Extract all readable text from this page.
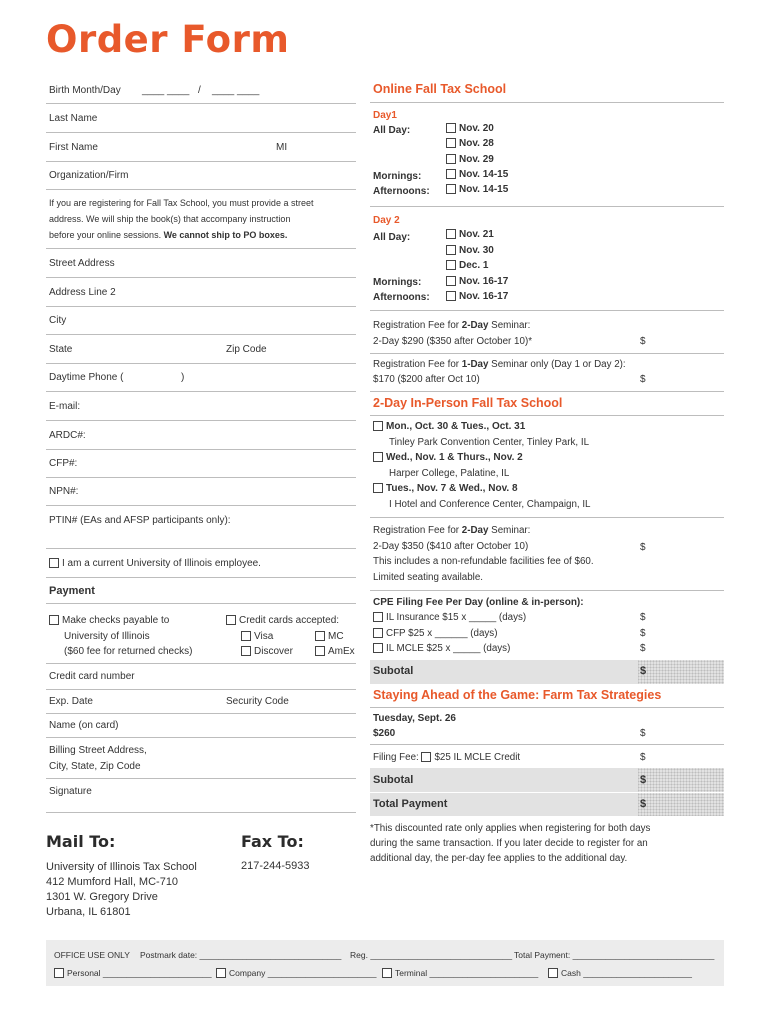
Order Form
Birth Month/Day ____ ____ / ____ ____
Last Name
First Name	MI
Organization/Firm
If you are registering for Fall Tax School, you must provide a street
address. We will ship the book(s) that accompany instruction
before your online sessions. We cannot ship to PO boxes.
Street Address
Address Line 2
City
State	Zip Code
Daytime Phone (	)
E-mail:
ARDC#:
CFP#:
NPN#:
PTIN# (EAs and AFSP participants only):
I am a current University of Illinois employee.
Payment
Make checks payable to
University of Illinois
($60 fee for returned checks)
Credit cards accepted:
Visa	MC
Discover	AmEx
Credit card number
Exp. Date	Security Code
Name (on card)
Billing Street Address,
City, State, Zip Code
Signature
Online Fall Tax School
Day1
All Day:	Nov. 20
Nov. 28
Nov. 29
Mornings:	Nov. 14-15
Afternoons:	Nov. 14-15
Day 2
All Day:	Nov. 21
Nov. 30
Dec. 1
Mornings:	Nov. 16-17
Afternoons:	Nov. 16-17
Registration Fee for 2-Day Seminar:
2-Day $290 ($350 after October 10)*	$
Registration Fee for 1-Day Seminar only (Day 1 or Day 2):
$170 ($200 after Oct 10)	$
2-Day In-Person Fall Tax School
Mon., Oct. 30 & Tues., Oct. 31
Tinley Park Convention Center, Tinley Park, IL
Wed., Nov. 1 & Thurs., Nov. 2
Harper College, Palatine, IL
Tues., Nov. 7 & Wed., Nov. 8
I Hotel and Conference Center, Champaign, IL
Registration Fee for 2-Day Seminar:
2-Day $350 ($410 after October 10)	$
This includes a non-refundable facilities fee of $60.
Limited seating available.
CPE Filing Fee Per Day (online & in-person):
IL Insurance $15 x _____ (days)	$
CFP $25 x ______ (days)	$
IL MCLE $25 x _____ (days)	$
Subotal	$
Staying Ahead of the Game: Farm Tax Strategies
Tuesday, Sept. 26
$260	$
Filing Fee: $25 IL MCLE Credit	$
Subotal	$
Total Payment	$
*This discounted rate only applies when registering for both days
during the same transaction. If you later decide to register for an
additional day, the per-day fee applies to the additional day.
Mail To:
University of Illinois Tax School
412 Mumford Hall, MC-710
1301 W. Gregory Drive
Urbana, IL 61801
Fax To:
217-244-5933
OFFICE USE ONLY Postmark date: ______________________________ Reg. ______________________________ Total Payment: ______________________________
Personal _______________________	Company _______________________	Terminal _______________________	Cash _______________________
